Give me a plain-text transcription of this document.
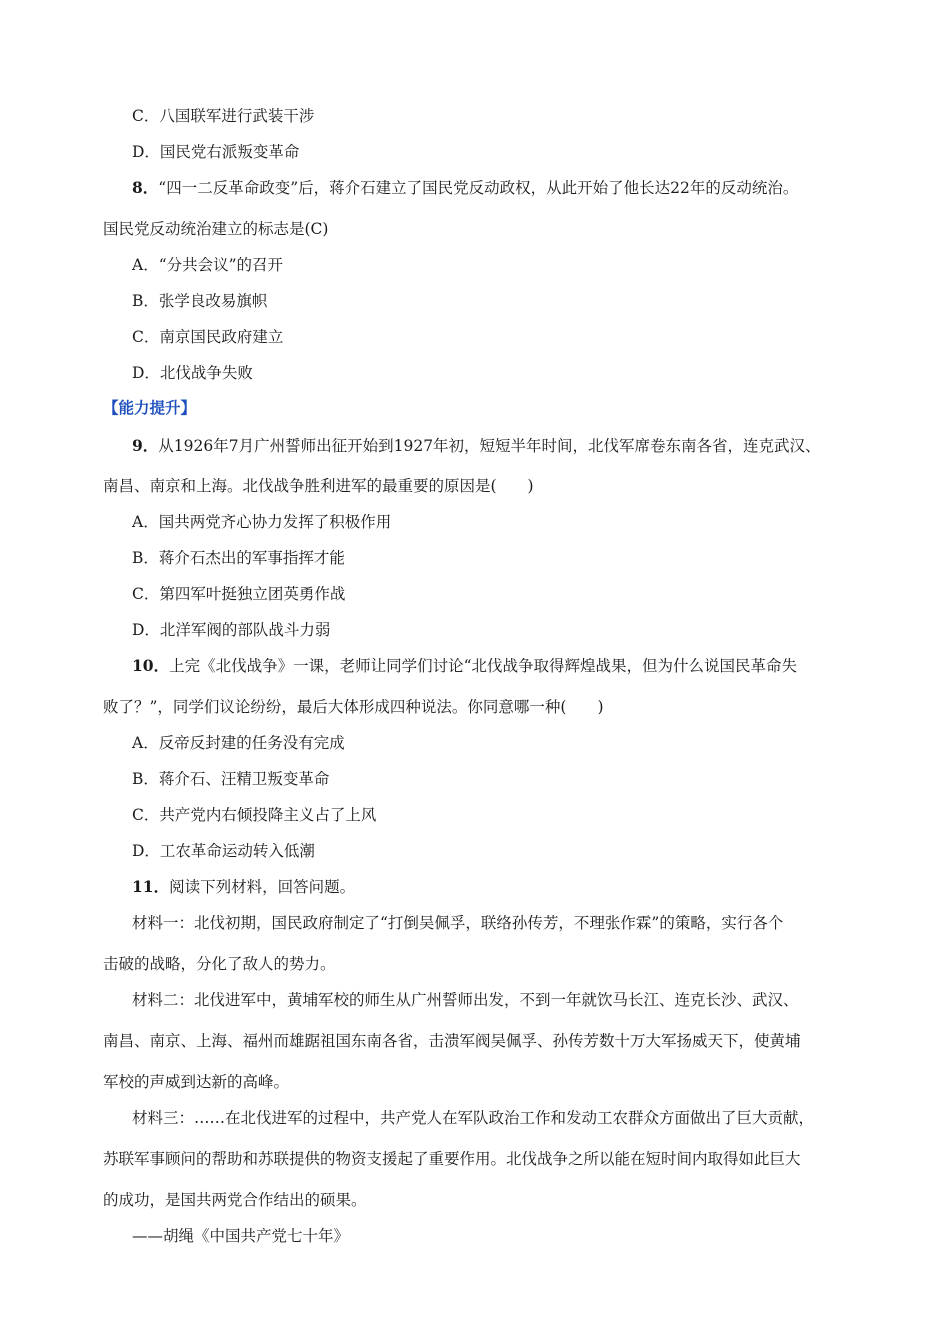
C．八国联军进行武装干涉
D．国民党右派叛变革命
8．“四一二反革命政变”后，蒋介石建立了国民党反动政权，从此开始了他长达22年的反动统治。
国民党反动统治建立的标志是(C)
A．“分共会议”的召开
B．张学良改易旗帜
C．南京国民政府建立
D．北伐战争失败
【能力提升】
9．从1926年7月广州誓师出征开始到1927年初，短短半年时间，北伐军席卷东南各省，连克武汉、
南昌、南京和上海。北伐战争胜利进军的最重要的原因是(　　)
A．国共两党齐心协力发挥了积极作用
B．蒋介石杰出的军事指挥才能
C．第四军叶挺独立团英勇作战
D．北洋军阀的部队战斗力弱
10．上完《北伐战争》一课，老师让同学们讨论“北伐战争取得辉煌战果，但为什么说国民革命失
败了？”，同学们议论纷纷，最后大体形成四种说法。你同意哪一种(　　)
A．反帝反封建的任务没有完成
B．蒋介石、汪精卫叛变革命
C．共产党内右倾投降主义占了上风
D．工农革命运动转入低潮
11．阅读下列材料，回答问题。
材料一：北伐初期，国民政府制定了“打倒吴佩孚，联络孙传芳，不理张作霖”的策略，实行各个
击破的战略，分化了敌人的势力。
材料二：北伐进军中，黄埔军校的师生从广州誓师出发，不到一年就饮马长江、连克长沙、武汉、
南昌、南京、上海、福州而雄踞祖国东南各省，击溃军阀吴佩孚、孙传芳数十万大军扬威天下，使黄埔
军校的声威到达新的高峰。
材料三：……在北伐进军的过程中，共产党人在军队政治工作和发动工农群众方面做出了巨大贡献，
苏联军事顾问的帮助和苏联提供的物资支援起了重要作用。北伐战争之所以能在短时间内取得如此巨大
的成功，是国共两党合作结出的硕果。
——胡绳《中国共产党七十年》
